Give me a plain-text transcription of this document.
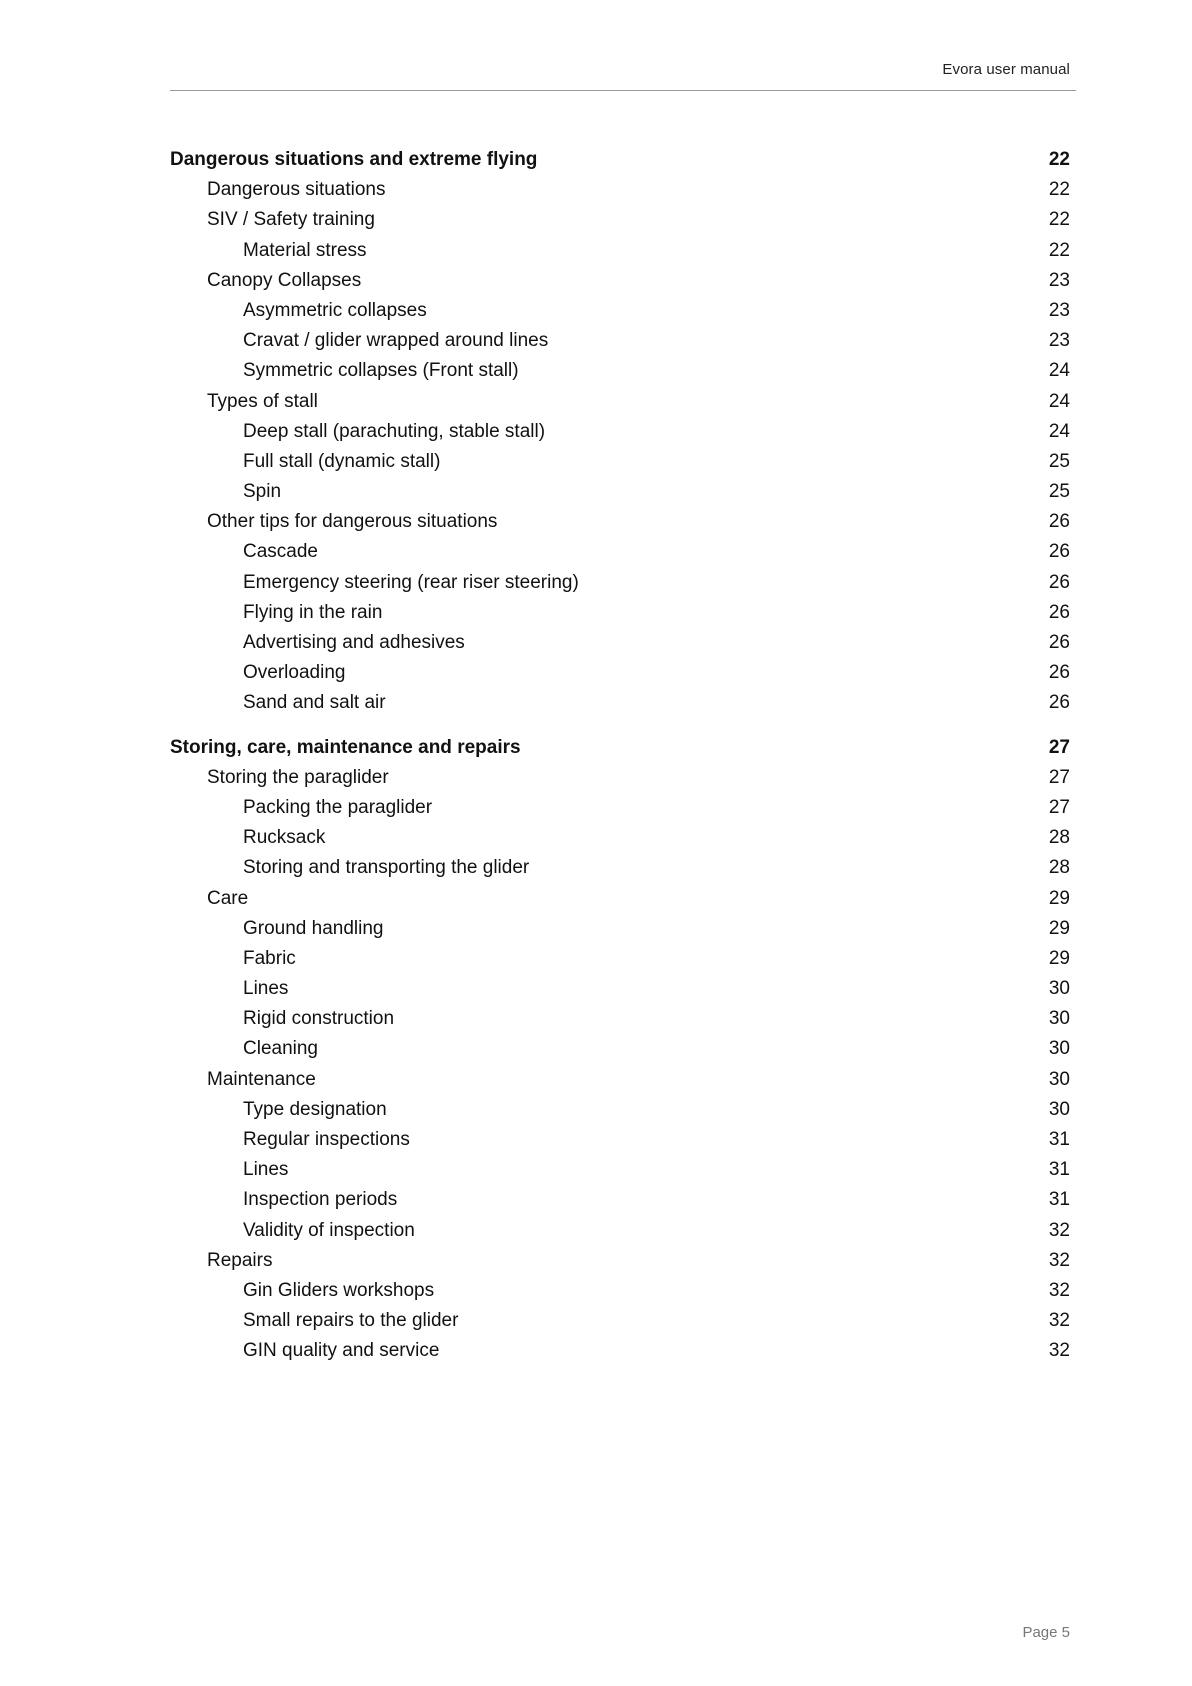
Evora user manual
Dangerous situations and extreme flying	22
Dangerous situations	22
SIV / Safety training	22
Material stress	22
Canopy Collapses	23
Asymmetric collapses	23
Cravat / glider wrapped around lines	23
Symmetric collapses (Front stall)	24
Types of stall	24
Deep stall (parachuting, stable stall)	24
Full stall (dynamic stall)	25
Spin	25
Other tips for dangerous situations	26
Cascade	26
Emergency steering (rear riser steering)	26
Flying in the rain	26
Advertising and adhesives	26
Overloading	26
Sand and salt air	26
Storing, care, maintenance and repairs	27
Storing the paraglider	27
Packing the paraglider	27
Rucksack	28
Storing and transporting the glider	28
Care	29
Ground handling	29
Fabric	29
Lines	30
Rigid construction	30
Cleaning	30
Maintenance	30
Type designation	30
Regular inspections	31
Lines	31
Inspection periods	31
Validity of inspection	32
Repairs	32
Gin Gliders workshops	32
Small repairs to the glider	32
GIN quality and service	32
Page 5
